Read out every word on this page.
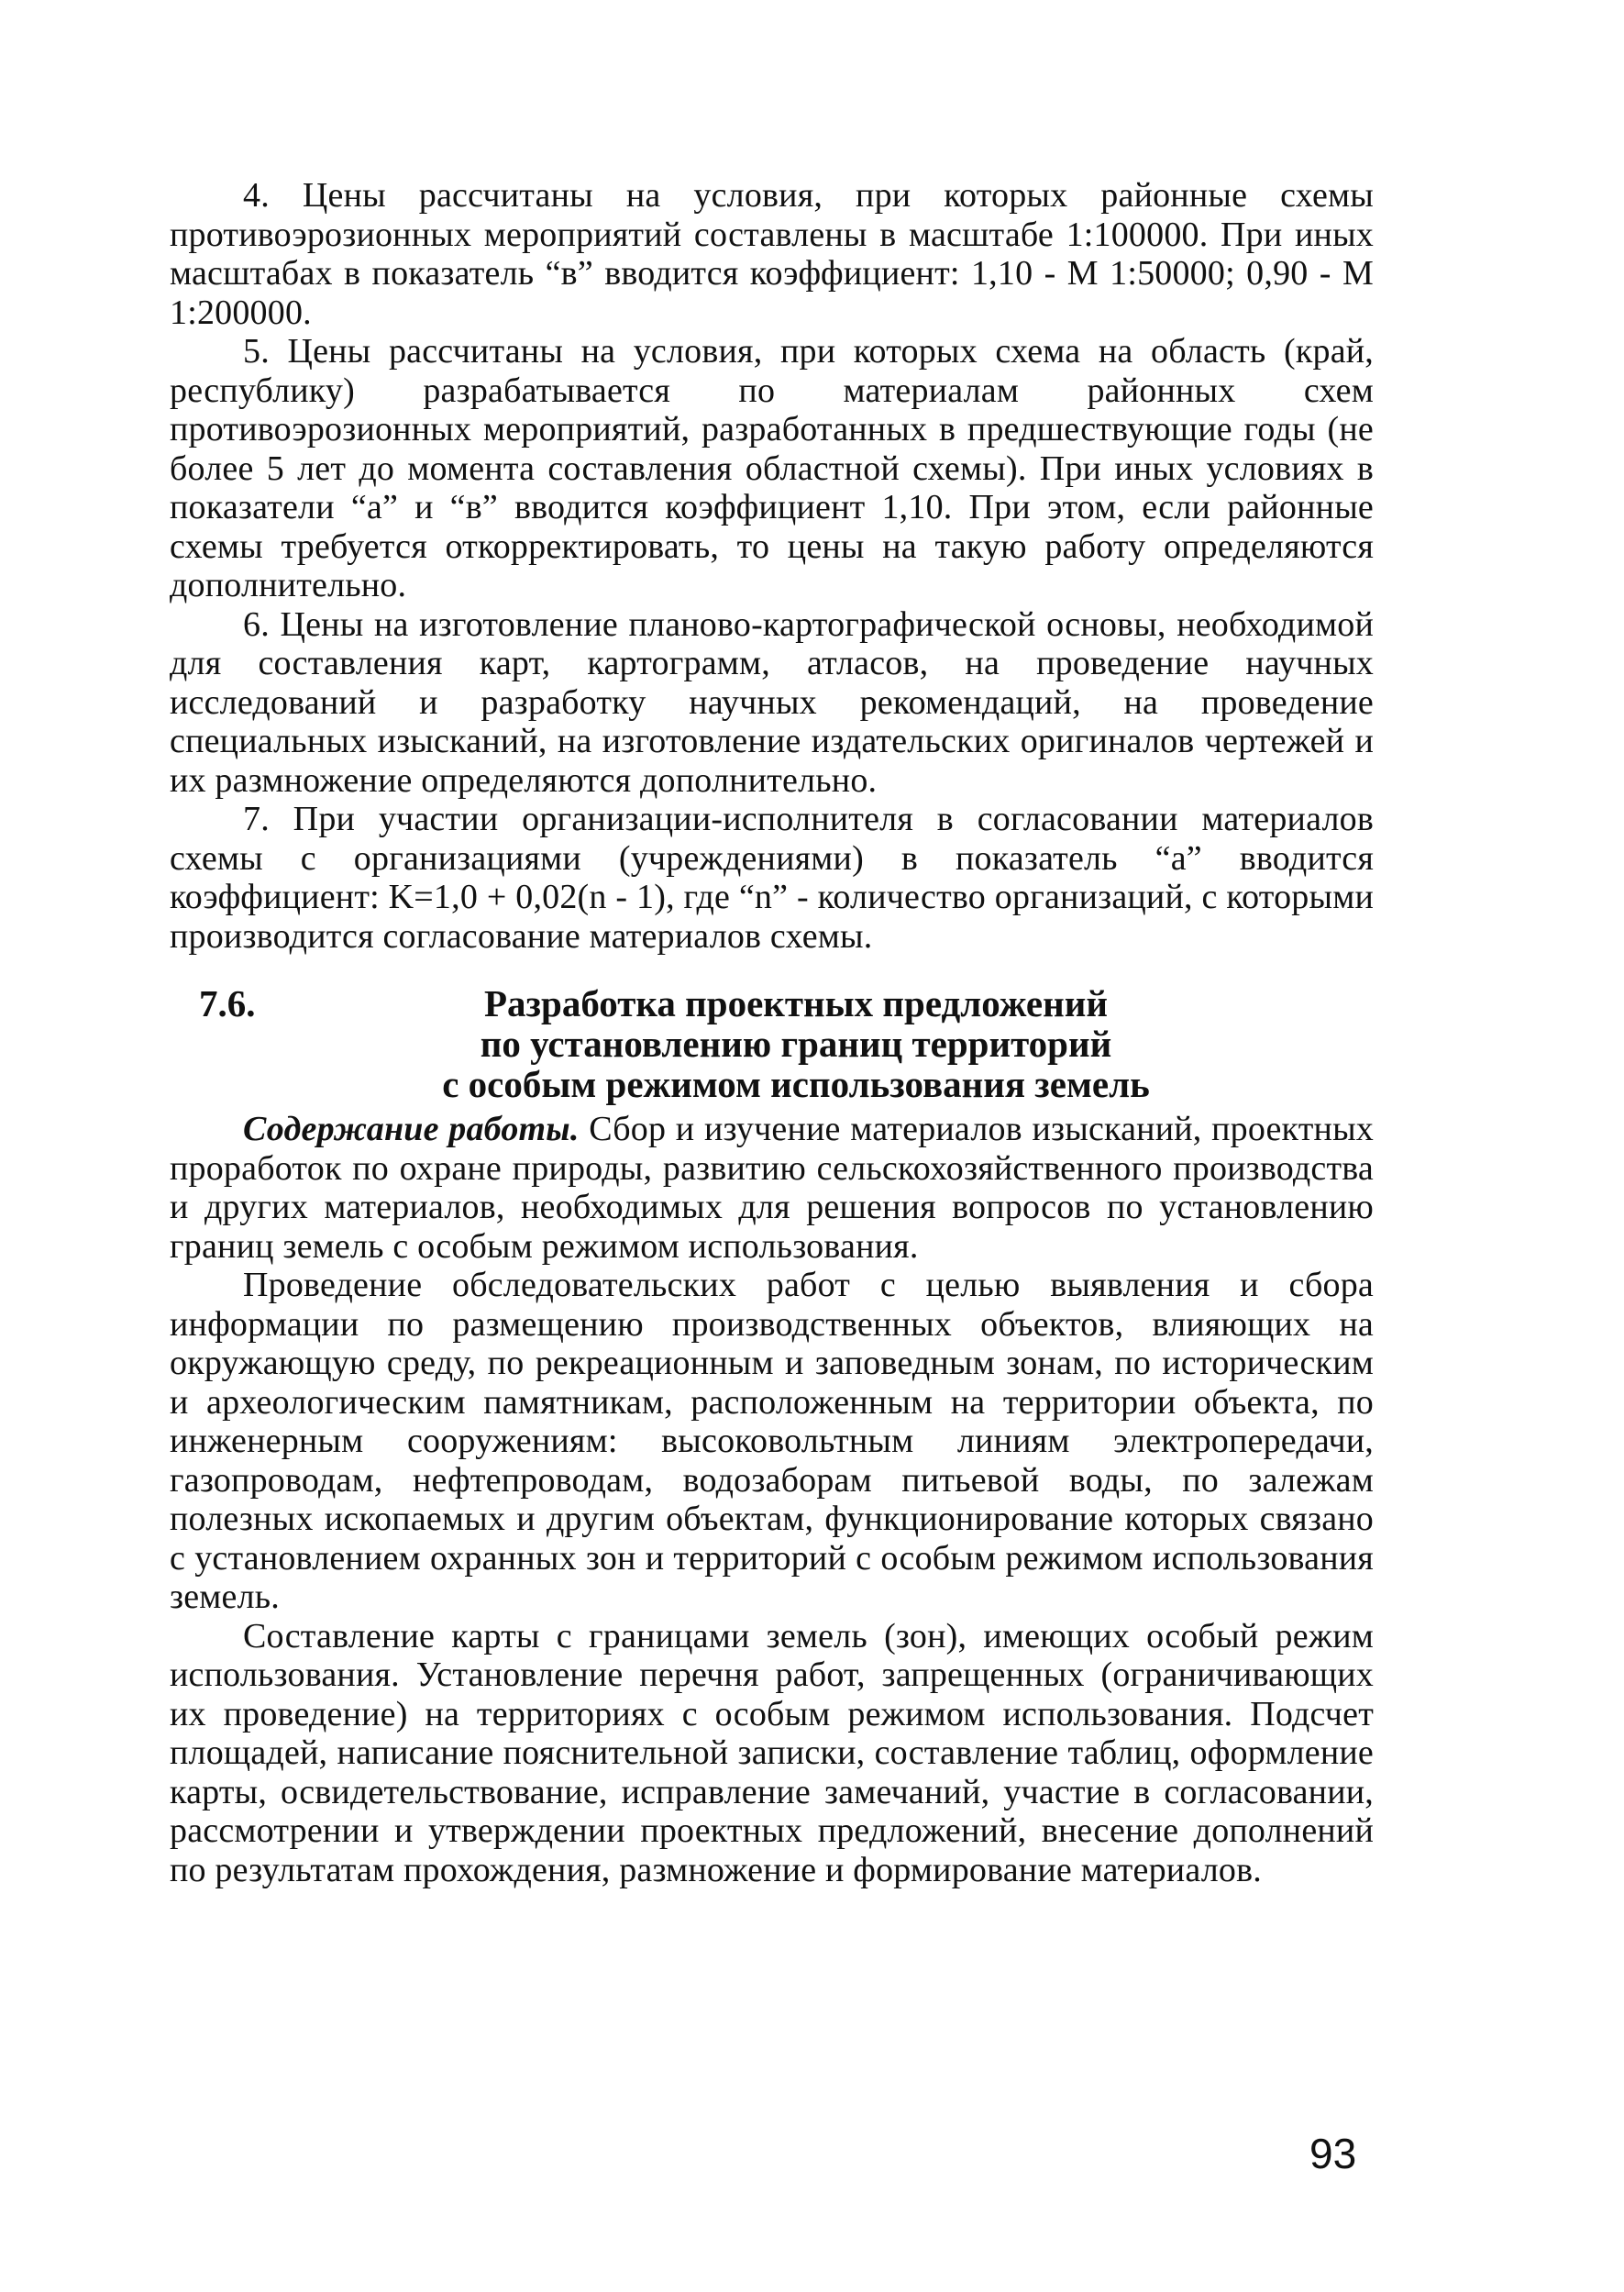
4. Цены рассчитаны на условия, при которых районные схемы противоэрозионных мероприятий составлены в масштабе 1:100000. При иных масштабах в показатель “в” вводится коэффициент: 1,10 - М 1:50000; 0,90 - М 1:200000.

5. Цены рассчитаны на условия, при которых схема на область (край, республику) разрабатывается по материалам районных схем противоэрозионных мероприятий, разработанных в предшествующие годы (не более 5 лет до момента составления областной схемы). При иных условиях в показатели “а” и “в” вводится коэффициент 1,10. При этом, если районные схемы требуется откорректировать, то цены на такую работу определяются дополнительно.

6. Цены на изготовление планово-картографической основы, необходимой для составления карт, картограмм, атласов, на проведение научных исследований и разработку научных рекомендаций, на проведение специальных изысканий, на изготовление издательских оригиналов чертежей и их размножение определяются дополнительно.

7. При участии организации-исполнителя в согласовании материалов схемы с организациями (учреждениями) в показатель “а” вводится коэффициент: K=1,0 + 0,02(n - 1), где “n” - количество организаций, с которыми производится согласование материалов схемы.

7.6.	Разработка проектных предложений
по установлению границ территорий
с особым режимом использования земель

Содержание работы. Сбор и изучение материалов изысканий, проектных проработок по охране природы, развитию сельскохозяйственного производства и других материалов, необходимых для решения вопросов по установлению границ земель с особым режимом использования.

Проведение обследовательских работ с целью выявления и сбора информации по размещению производственных объектов, влияющих на окружающую среду, по рекреационным и заповедным зонам, по историческим и археологическим памятникам, расположенным на территории объекта, по инженерным сооружениям: высоковольтным линиям электропередачи, газопроводам, нефтепроводам, водозаборам питьевой воды, по залежам полезных ископаемых и другим объектам, функционирование которых связано с установлением охранных зон и территорий с особым режимом использования земель.

Составление карты с границами земель (зон), имеющих особый режим использования. Установление перечня работ, запрещенных (ограничивающих их проведение) на территориях с особым режимом использования. Подсчет площадей, написание пояснительной записки, составление таблиц, оформление карты, освидетельствование, исправление замечаний, участие в согласовании, рассмотрении и утверждении проектных предложений, внесение дополнений по результатам прохождения, размножение и формирование материалов.

93
